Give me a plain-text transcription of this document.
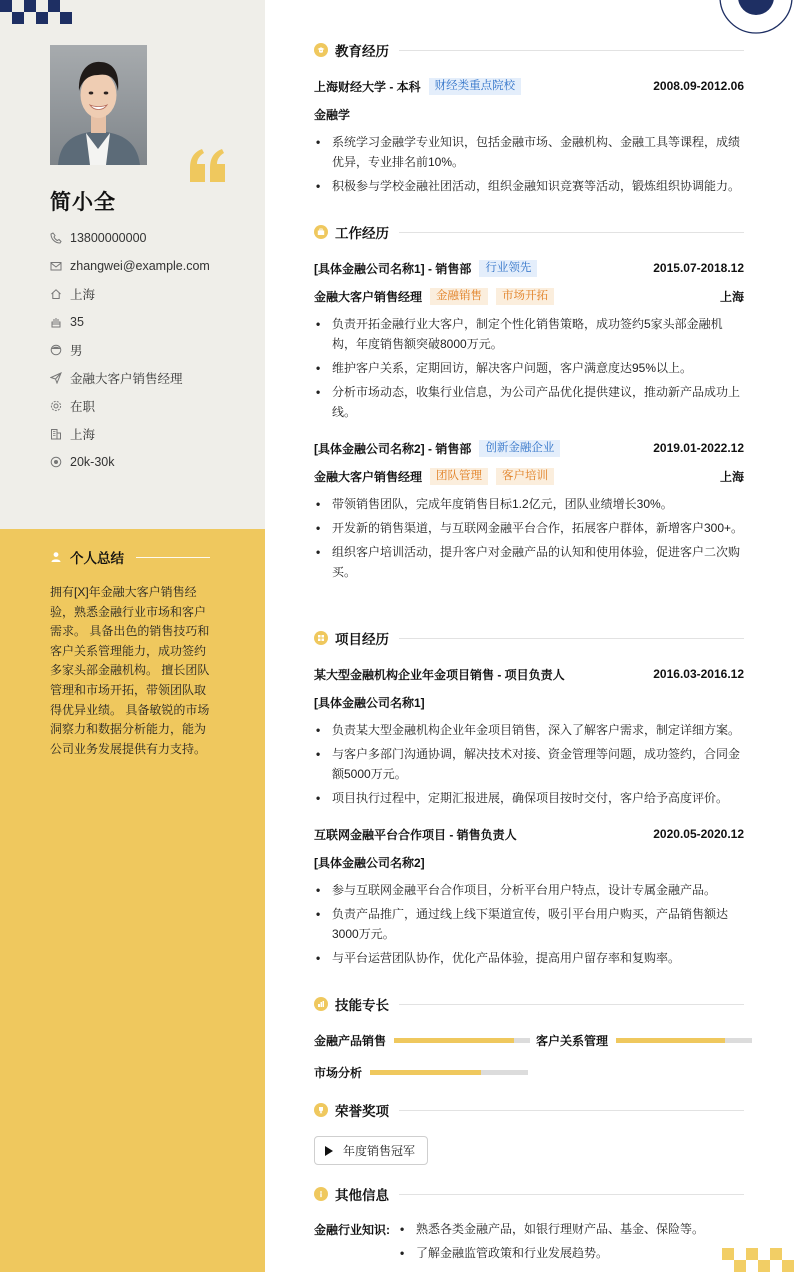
简小全
13800000000
zhangwei@example.com
上海
35
男
金融大客户销售经理
在职
上海
20k-30k
个人总结
拥有[X]年金融大客户销售经验，熟悉金融行业市场和客户需求。 具备出色的销售技巧和客户关系管理能力，成功签约多家头部金融机构。 擅长团队管理和市场开拓，带领团队取得优异业绩。 具备敏锐的市场洞察力和数据分析能力，能为公司业务发展提供有力支持。
教育经历
上海财经大学 - 本科	财经类重点院校	2008.09-2012.06
金融学
• 系统学习金融学专业知识，包括金融市场、金融机构、金融工具等课程，成绩优异，专业排名前10%。
• 积极参与学校金融社团活动，组织金融知识竞赛等活动，锻炼组织协调能力。
工作经历
[具体金融公司名称1] - 销售部	行业领先	2015.07-2018.12
金融大客户销售经理	金融销售	市场开拓	上海
• 负责开拓金融行业大客户，制定个性化销售策略，成功签约5家头部金融机构，年度销售额突破8000万元。
• 维护客户关系，定期回访，解决客户问题，客户满意度达95%以上。
• 分析市场动态，收集行业信息，为公司产品优化提供建议，推动新产品成功上线。
[具体金融公司名称2] - 销售部	创新金融企业	2019.01-2022.12
金融大客户销售经理	团队管理	客户培训	上海
• 带领销售团队，完成年度销售目标1.2亿元，团队业绩增长30%。
• 开发新的销售渠道，与互联网金融平台合作，拓展客户群体，新增客户300+。
• 组织客户培训活动，提升客户对金融产品的认知和使用体验，促进客户二次购买。
项目经历
某大型金融机构企业年金项目销售 - 项目负责人	2016.03-2016.12
[具体金融公司名称1]
• 负责某大型金融机构企业年金项目销售，深入了解客户需求，制定详细方案。
• 与客户多部门沟通协调，解决技术对接、资金管理等问题，成功签约，合同金额5000万元。
• 项目执行过程中，定期汇报进展，确保项目按时交付，客户给予高度评价。
互联网金融平台合作项目 - 销售负责人	2020.05-2020.12
[具体金融公司名称2]
• 参与互联网金融平台合作项目，分析平台用户特点，设计专属金融产品。
• 负责产品推广，通过线上线下渠道宣传，吸引平台用户购买，产品销售额达3000万元。
• 与平台运营团队协作，优化产品体验，提高用户留存率和复购率。
技能专长
金融产品销售	客户关系管理
市场分析
荣誉奖项
年度销售冠军
其他信息
金融行业知识:
•	熟悉各类金融产品，如银行理财产品、基金、保险等。
• 了解金融监管政策和行业发展趋势。
